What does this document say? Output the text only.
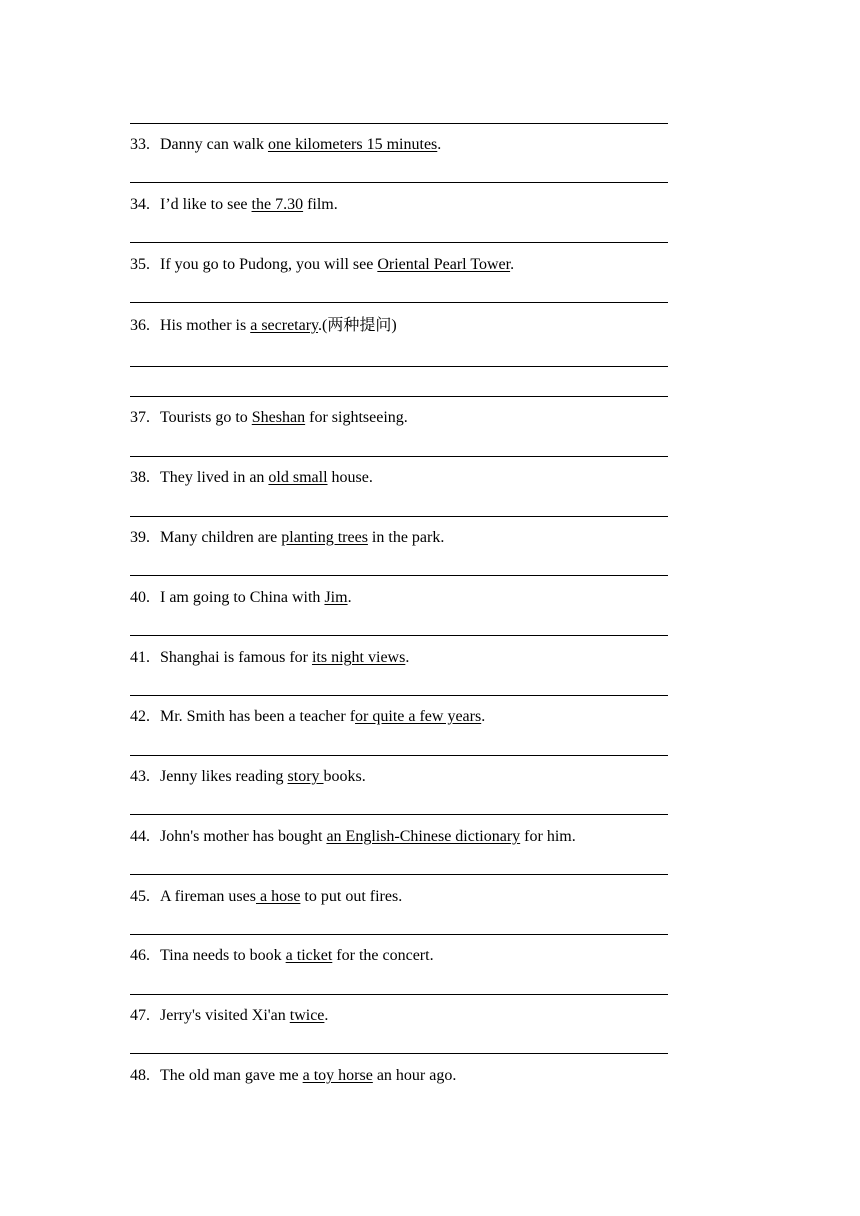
33. Danny can walk one kilometers 15 minutes.
34. I’d like to see the 7.30 film.
35. If you go to Pudong, you will see Oriental Pearl Tower.
36. His mother is a secretary.(两种提问)
37. Tourists go to Sheshan for sightseeing.
38. They lived in an old small house.
39. Many children are planting trees in the park.
40. I am going to China with Jim.
41. Shanghai is famous for its night views.
42. Mr. Smith has been a teacher for quite a few years.
43. Jenny likes reading story books.
44. John's mother has bought an English-Chinese dictionary for him.
45. A fireman uses a hose to put out fires.
46. Tina needs to book a ticket for the concert.
47. Jerry's visited Xi'an twice.
48. The old man gave me a toy horse an hour ago.
